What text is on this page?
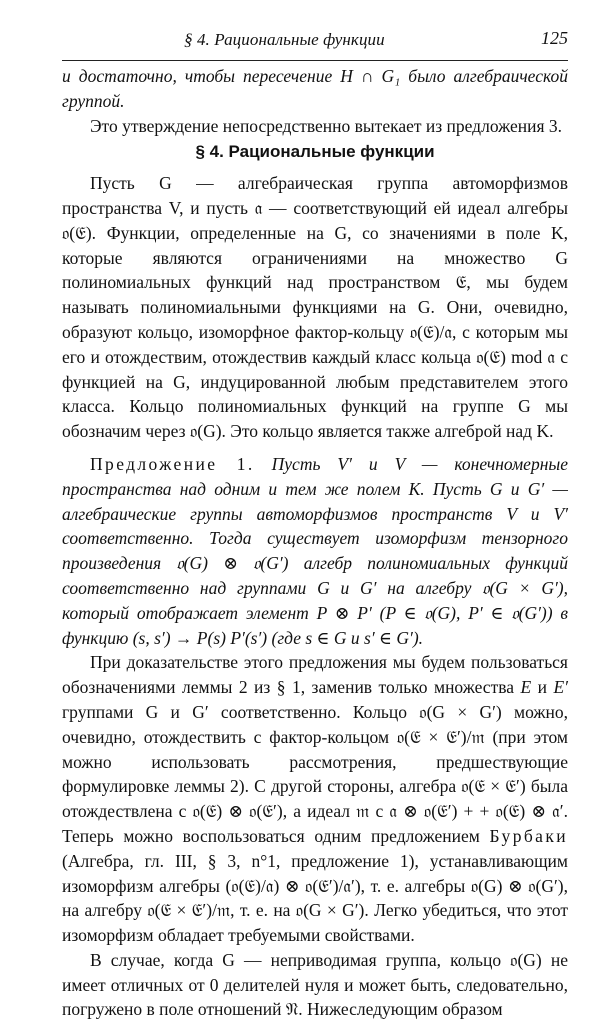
§ 4. Рациональные функции	125

и достаточно, чтобы пересечение H ∩ G₁ было алгебраической группой.

Это утверждение непосредственно вытекает из предложения 3.

§ 4. Рациональные функции

Пусть G — алгебраическая группа автоморфизмов пространства V, и пусть 𝔞 — соответствующий ей идеал алгебры 𝔬(𝔈). Функции, определенные на G, со значениями в поле K, которые являются ограничениями на множество G полиномиальных функций над пространством 𝔈, мы будем называть полиномиальными функциями на G. Они, очевидно, образуют кольцо, изоморфное фактор-кольцу 𝔬(𝔈)/𝔞, с которым мы его и отождествим, отождествив каждый класс кольца 𝔬(𝔈) mod 𝔞 с функцией на G, индуцированной любым представителем этого класса. Кольцо полиномиальных функций на группе G мы обозначим через 𝔬(G). Это кольцо является также алгеброй над K.

Предложение 1. Пусть V′ и V — конечномерные пространства над одним и тем же полем K. Пусть G и G′ — алгебраические группы автоморфизмов пространств V и V′ соответственно. Тогда существует изоморфизм тензорного произведения 𝔬(G) ⊗ 𝔬(G′) алгебр полиномиальных функций соответственно над группами G и G′ на алгебру 𝔬(G × G′), который отображает элемент P ⊗ P′ (P ∈ 𝔬(G), P′ ∈ 𝔬(G′)) в функцию (s, s′) → P(s) P′(s′) (где s ∈ G и s′ ∈ G′).

При доказательстве этого предложения мы будем пользоваться обозначениями леммы 2 из § 1, заменив только множества E и E′ группами G и G′ соответственно. Кольцо 𝔬(G × G′) можно, очевидно, отождествить с фактор-кольцом 𝔬(𝔈 × 𝔈′)/𝔪 (при этом можно использовать рассмотрения, предшествующие формулировке леммы 2). С другой стороны, алгебра 𝔬(𝔈 × 𝔈′) была отождествлена с 𝔬(𝔈) ⊗ 𝔬(𝔈′), а идеал 𝔪 с 𝔞 ⊗ 𝔬(𝔈′) + + 𝔬(𝔈) ⊗ 𝔞′. Теперь можно воспользоваться одним предложением Бурбаки (Алгебра, гл. III, § 3, n°1, предложение 1), устанавливающим изоморфизм алгебры (𝔬(𝔈)/𝔞) ⊗ 𝔬(𝔈′)/𝔞′), т. е. алгебры 𝔬(G) ⊗ 𝔬(G′), на алгебру 𝔬(𝔈 × 𝔈′)/𝔪, т. е. на 𝔬(G × G′). Легко убедиться, что этот изоморфизм обладает требуемыми свойствами.

В случае, когда G — неприводимая группа, кольцо 𝔬(G) не имеет отличных от 0 делителей нуля и может быть, следовательно, погружено в поле отношений 𝔑. Нижеследующим образом
